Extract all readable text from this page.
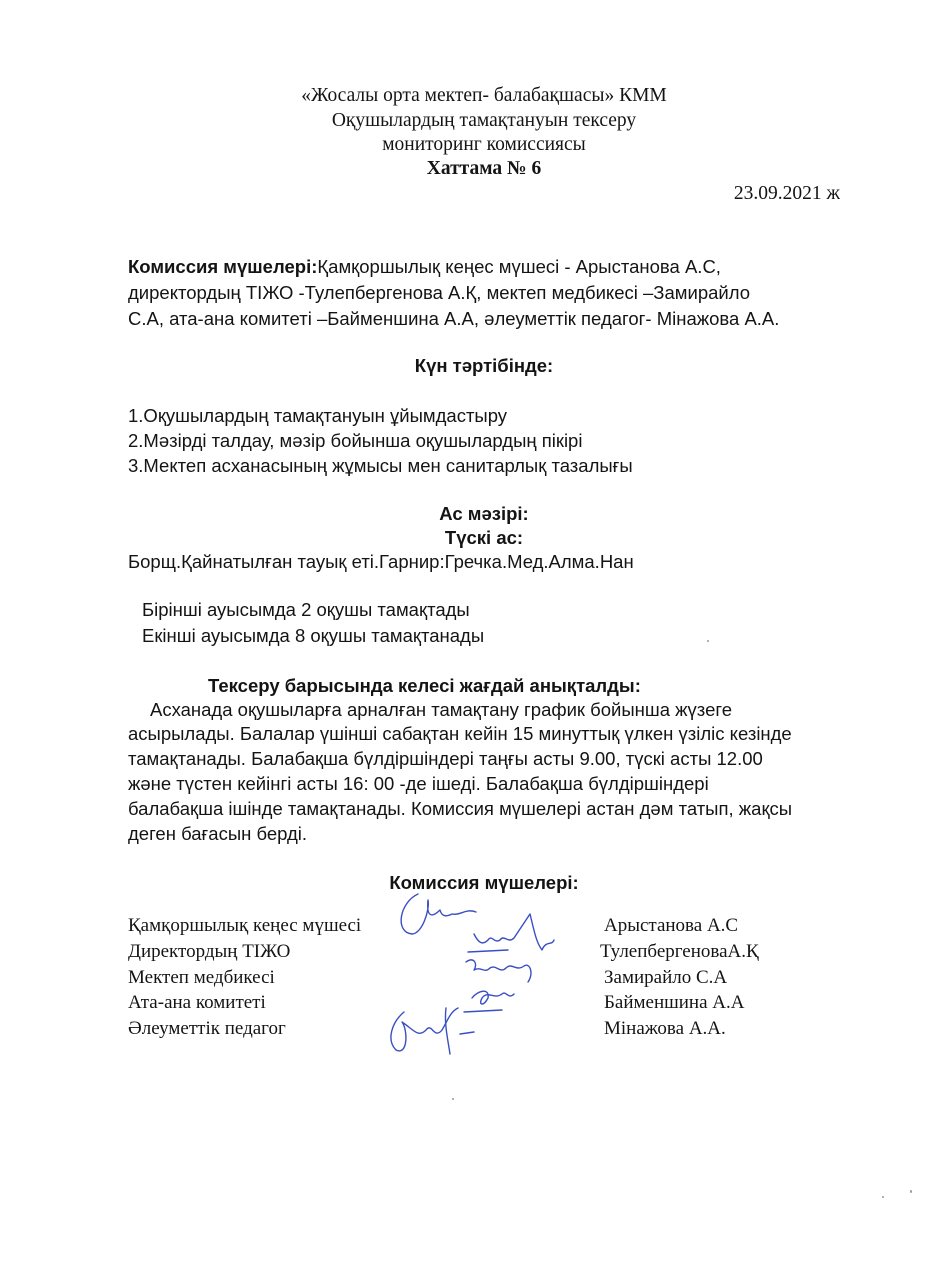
«Жосалы орта мектеп- балабақшасы» КММ
Оқушылардың тамақтануын тексеру
мониторинг комиссиясы
Хаттама № 6
23.09.2021 ж
Комиссия мүшелері:Қамқоршылық кеңес мүшесі - Арыстанова А.С,
директордың ТІЖО -Тулепбергенова А.Қ, мектеп медбикесі –Замирайло
С.А, ата-ана комитеті –Байменшина А.А, әлеуметтік педагог- Мінажова А.А.
Күн тәртібінде:
1.Оқушылардың тамақтануын ұйымдастыру
2.Мәзірді талдау, мәзір бойынша оқушылардың пікірі
3.Мектеп асханасының жұмысы мен санитарлық тазалығы
Ас мәзірі:
Түскі ас:
Борщ.Қайнатылған тауық еті.Гарнир:Гречка.Мед.Алма.Нан
Бірінші ауысымда 2 оқушы тамақтады
Екінші ауысымда 8 оқушы тамақтанады
Тексеру барысында келесі жағдай анықталды:
Асханада оқушыларға арналған тамақтану график бойынша жүзеге
асырылады. Балалар үшінші сабақтан кейін 15 минуттық үлкен үзіліс кезінде
тамақтанады. Балабақша бүлдіршіндері таңғы асты 9.00, түскі асты 12.00
және түстен кейінгі асты 16: 00 -де ішеді. Балабақша бүлдіршіндері
балабақша ішінде тамақтанады. Комиссия мүшелері астан дәм татып, жақсы
деген бағасын берді.
Комиссия мүшелері:
Қамқоршылық кеңес мүшесі	Арыстанова А.С
Директордың ТІЖО	ТулепбергеноваА.Қ
Мектеп медбикесі	Замирайло С.А
Ата-ана комитеті	Байменшина А.А
Әлеуметтік педагог	Мінажова А.А.
